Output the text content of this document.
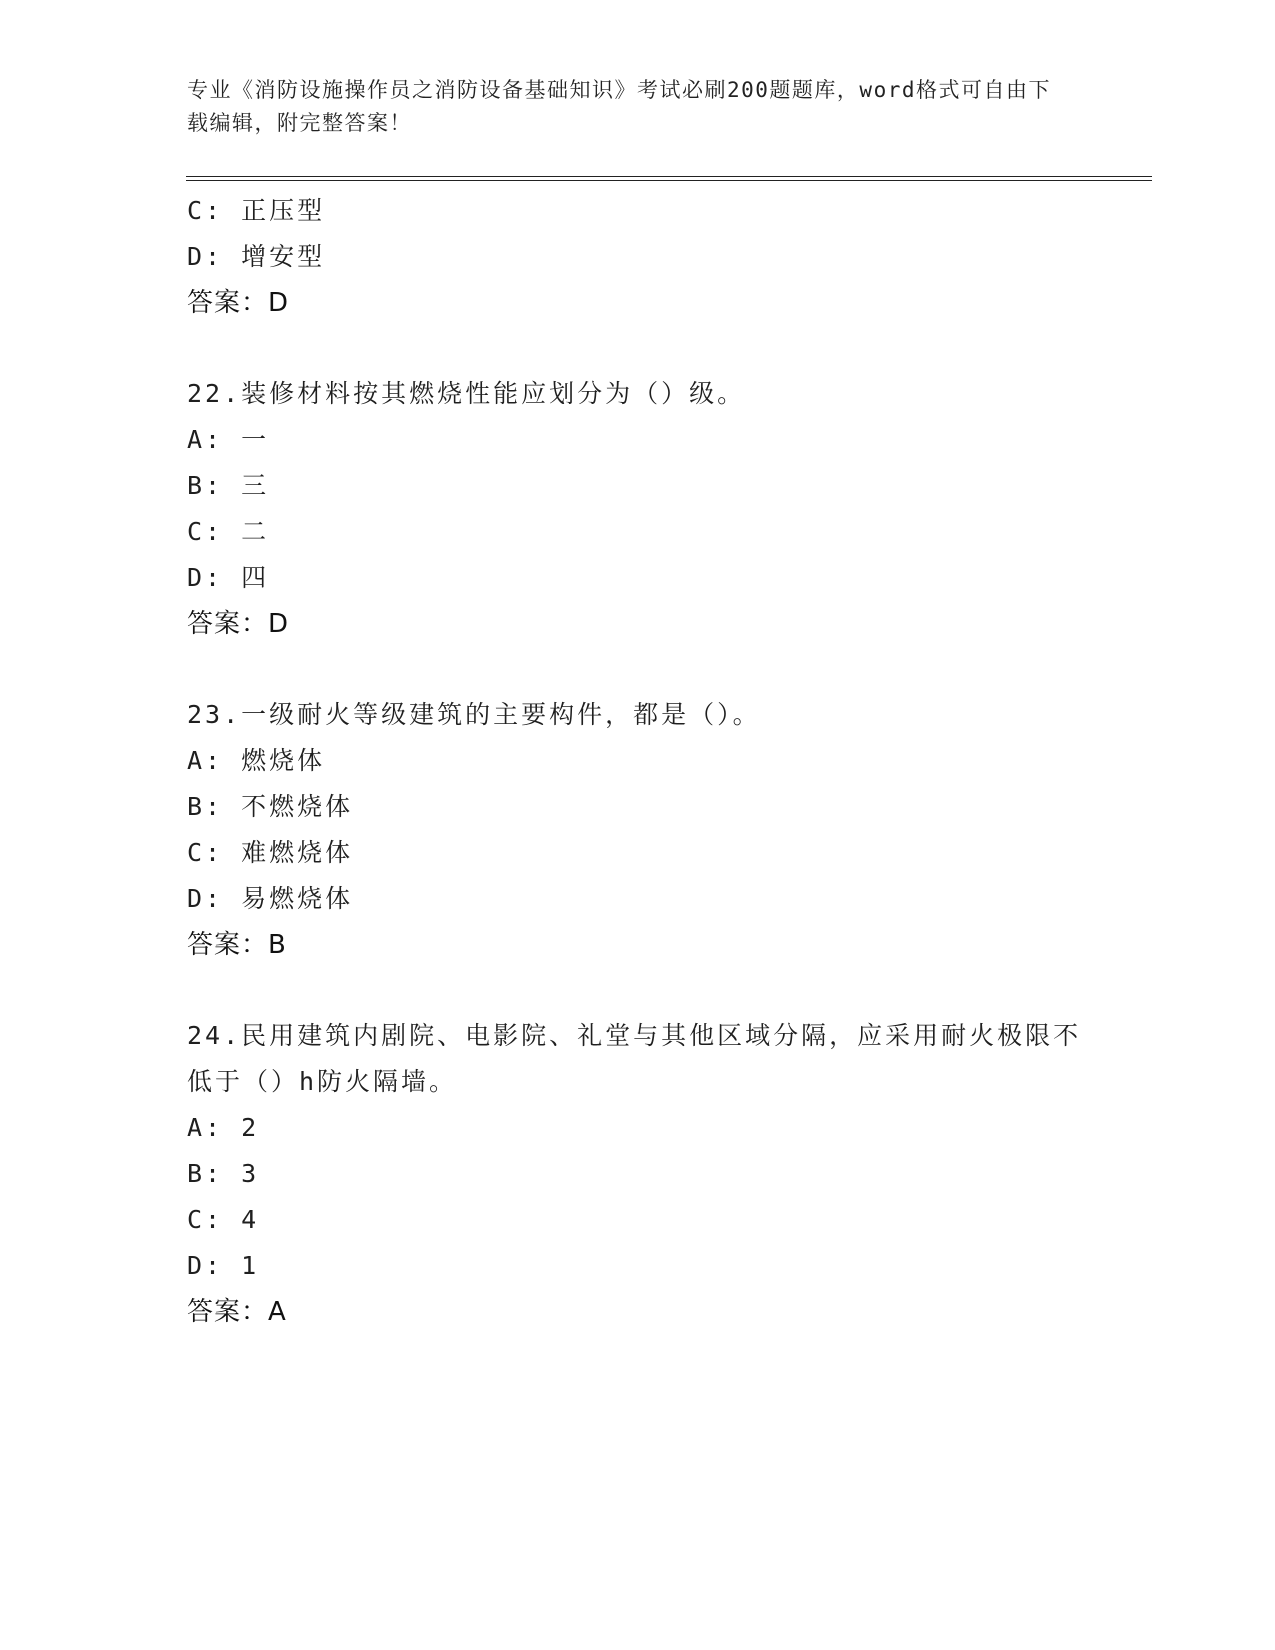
专业《消防设施操作员之消防设备基础知识》考试必刷200题题库，word格式可自由下载编辑，附完整答案！
C: 正压型
D: 增安型
答案：D
22.装修材料按其燃烧性能应划分为（）级。
A: 一
B: 三
C: 二
D: 四
答案：D
23.一级耐火等级建筑的主要构件，都是（）。
A: 燃烧体
B: 不燃烧体
C: 难燃烧体
D: 易燃烧体
答案：B
24.民用建筑内剧院、电影院、礼堂与其他区域分隔，应采用耐火极限不低于（）h防火隔墙。
A: 2
B: 3
C: 4
D: 1
答案：A
